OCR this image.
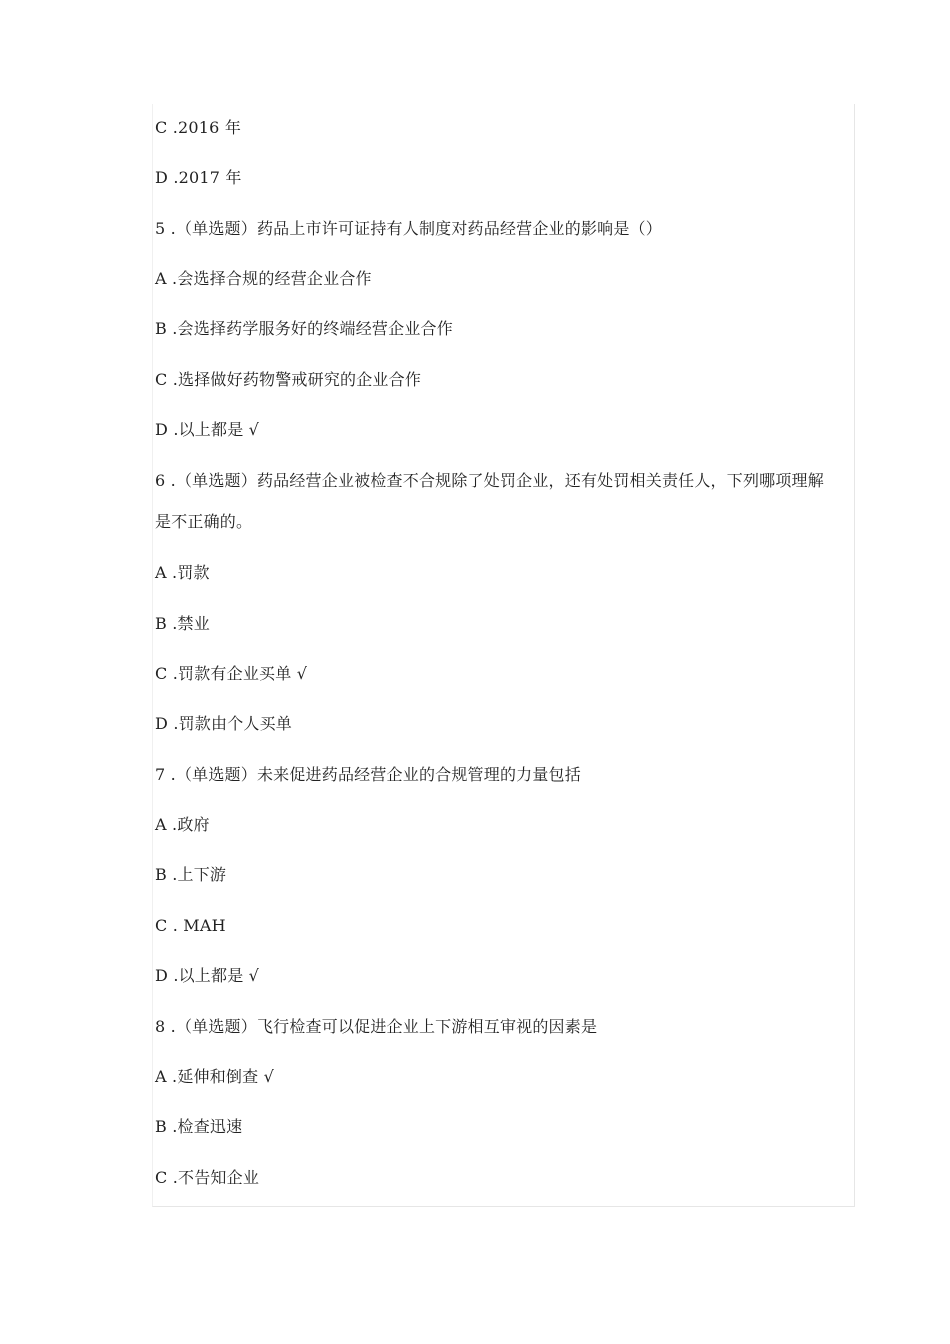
C .2016 年
D .2017 年
5 .（单选题）药品上市许可证持有人制度对药品经营企业的影响是（）
A .会选择合规的经营企业合作
B .会选择药学服务好的终端经营企业合作
C .选择做好药物警戒研究的企业合作
D .以上都是 √
6 .（单选题）药品经营企业被检查不合规除了处罚企业，还有处罚相关责任人，下列哪项理解
是不正确的。
A .罚款
B .禁业
C .罚款有企业买单 √
D .罚款由个人买单
7 .（单选题）未来促进药品经营企业的合规管理的力量包括
A .政府
B .上下游
C . MAH
D .以上都是 √
8 .（单选题）飞行检查可以促进企业上下游相互审视的因素是
A .延伸和倒查 √
B .检查迅速
C .不告知企业
